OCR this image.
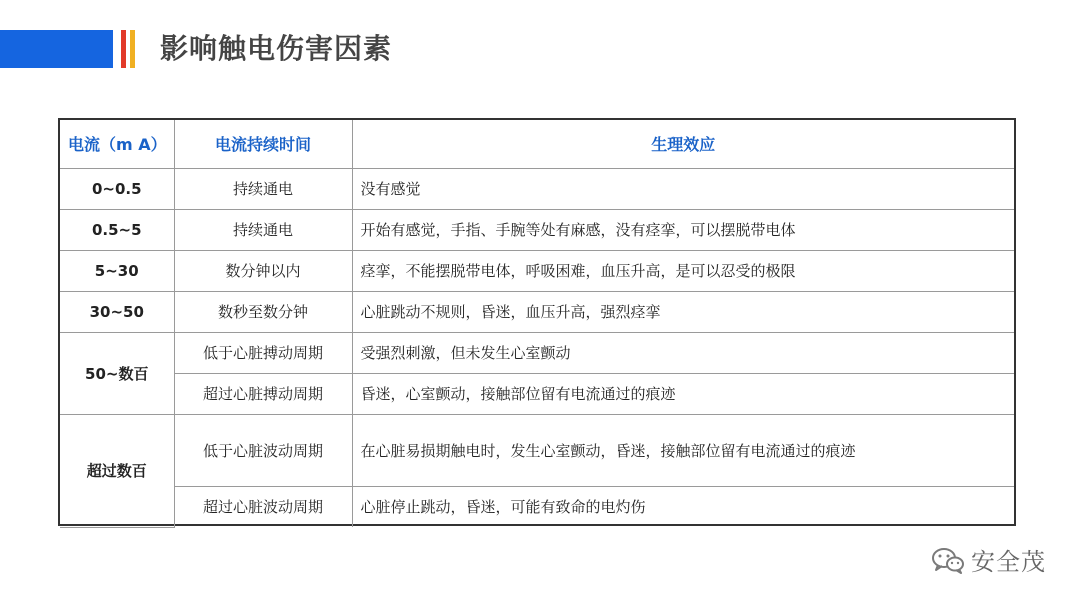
影响触电伤害因素
电流（m A）	电流持续时间	生理效应
0~0.5	持续通电	没有感觉
0.5~5	持续通电	开始有感觉，手指、手腕等处有麻感，没有痉挛，可以摆脱带电体
5~30	数分钟以内	痉挛，不能摆脱带电体，呼吸困难，血压升高，是可以忍受的极限
30~50	数秒至数分钟	心脏跳动不规则，昏迷，血压升高，强烈痉挛
50~数百	低于心脏搏动周期	受强烈刺激，但未发生心室颤动
	超过心脏搏动周期	昏迷，心室颤动，接触部位留有电流通过的痕迹
超过数百	低于心脏波动周期	在心脏易损期触电时，发生心室颤动，昏迷，接触部位留有电流通过的痕迹
	超过心脏波动周期	心脏停止跳动，昏迷，可能有致命的电灼伤
安全茂
